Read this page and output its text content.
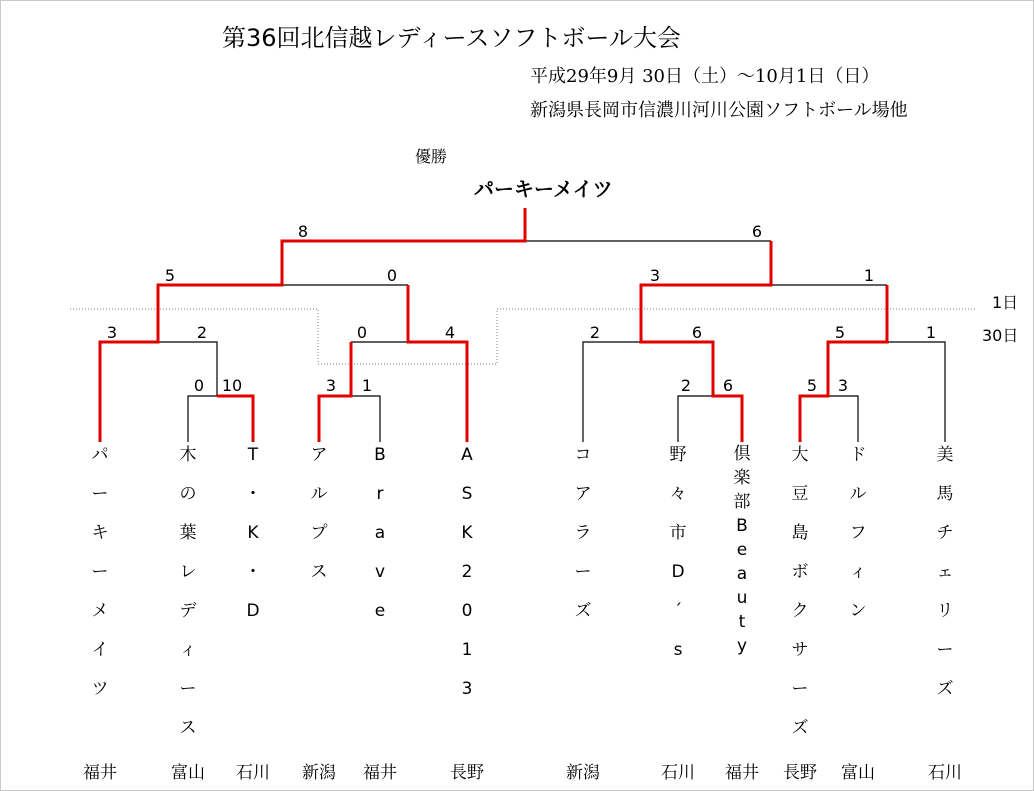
第36回北信越レディースソフトボール大会
平成29年9月 30日（土）～10月1日（日）
新潟県長岡市信濃川河川公園ソフトボール場他
優勝
パーキーメイツ
1日
30日
8	6
5	0	3	1
3	2	0	4	2	6	5	1
0	10	3	1	2	6	5	3
パ
ー
キ
ー
メ
イ
ツ
木
の
葉
レ
デ
ィ
ー
ス
T
・
K
・
D
ア
ル
プ
ス
B
r
a
v
e
A
S
K
2
0
1
3
コ
ア
ラ
ー
ズ
野
々
市
D
´
s
倶
楽
部
B
e
a
u
t
y
大
豆
島
ボ
ク
サ
ー
ズ
ド
ル
フ
ィ
ン
美
馬
チ
ェ
リ
ー
ズ
福井	富山 石川 新潟 福井	長野	新潟	石川 福井 長野 富山	石川
